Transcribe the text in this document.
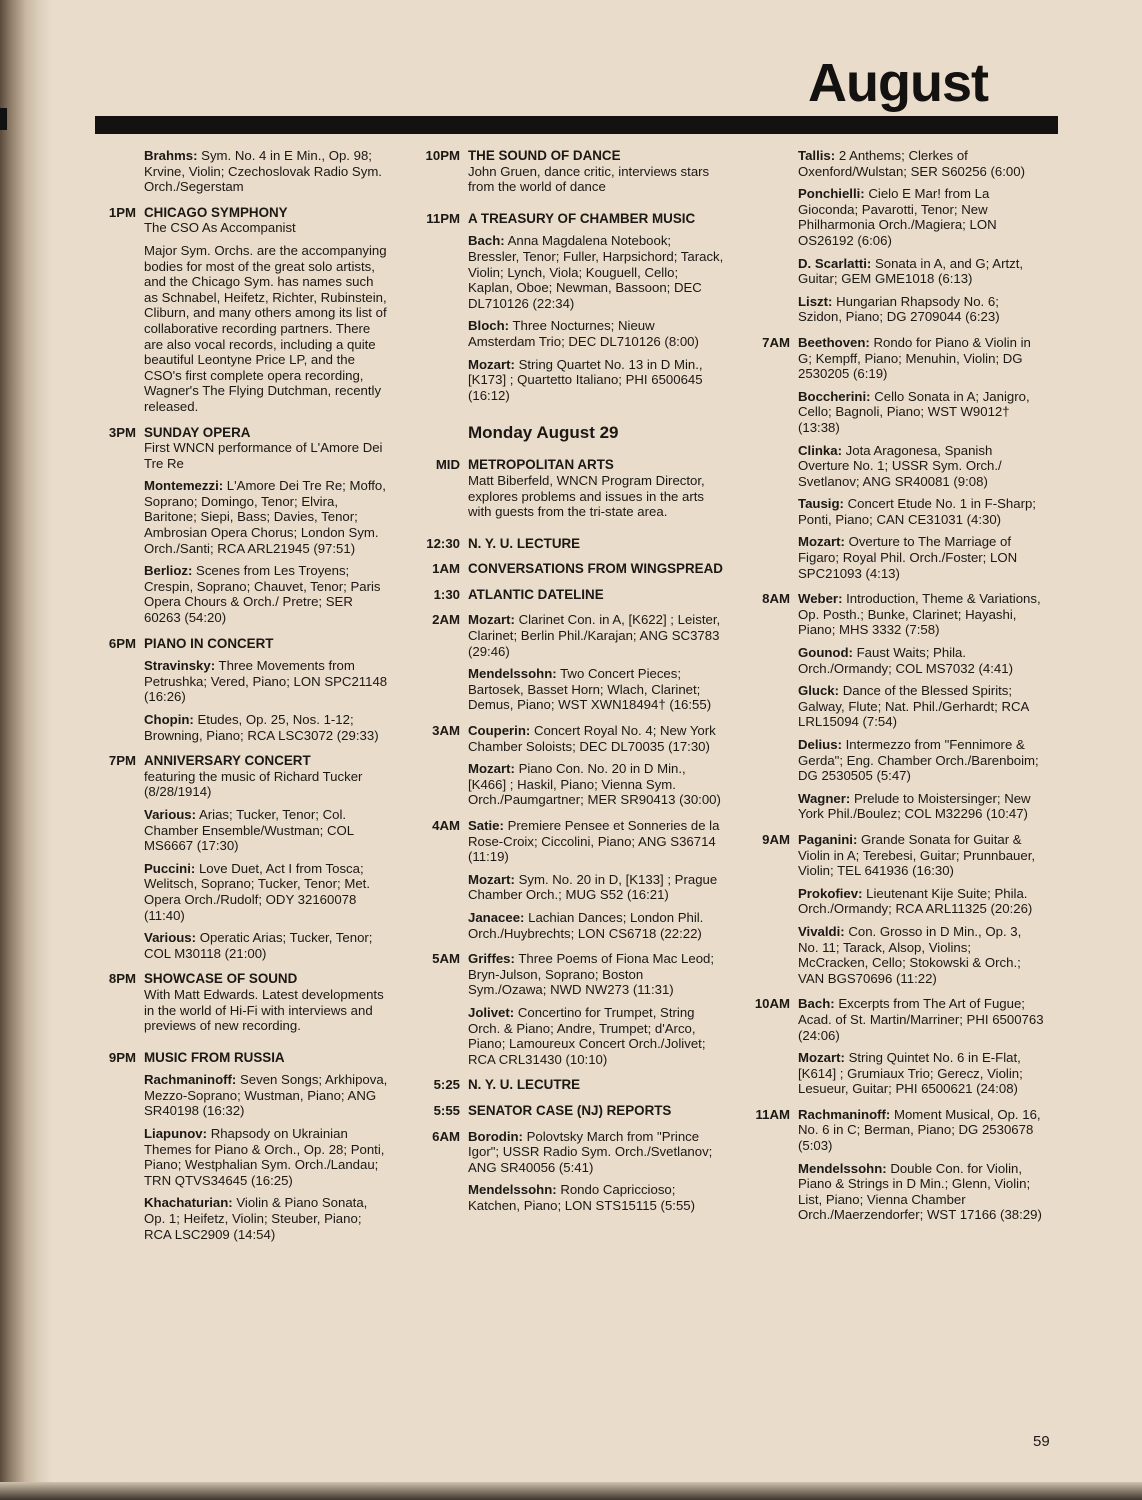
August
Brahms: Sym. No. 4 in E Min., Op. 98; Krvine, Violin; Czechoslovak Radio Sym. Orch./Segerstam
1PM CHICAGO SYMPHONY
The CSO As Accompanist
Major Sym. Orchs. are the accompanying bodies for most of the great solo artists, and the Chicago Sym. has names such as Schnabel, Heifetz, Richter, Rubinstein, Cliburn, and many others among its list of collaborative recording partners. There are also vocal records, including a quite beautiful Leontyne Price LP, and the CSO's first complete opera recording, Wagner's The Flying Dutchman, recently released.
3PM SUNDAY OPERA
First WNCN performance of L'Amore Dei Tre Re
Montemezzi: L'Amore Dei Tre Re; Moffo, Soprano; Domingo, Tenor; Elvira, Baritone; Siepi, Bass; Davies, Tenor; Ambrosian Opera Chorus; London Sym. Orch./Santi; RCA ARL21945 (97:51)
Berlioz: Scenes from Les Troyens; Crespin, Soprano; Chauvet, Tenor; Paris Opera Chours & Orch./ Pretre; SER 60263 (54:20)
6PM PIANO IN CONCERT
Stravinsky: Three Movements from Petrushka; Vered, Piano; LON SPC21148 (16:26)
Chopin: Etudes, Op. 25, Nos. 1-12; Browning, Piano; RCA LSC3072 (29:33)
7PM ANNIVERSARY CONCERT
featuring the music of Richard Tucker (8/28/1914)
Various: Arias; Tucker, Tenor; Col. Chamber Ensemble/Wustman; COL MS6667 (17:30)
Puccini: Love Duet, Act I from Tosca; Welitsch, Soprano; Tucker, Tenor; Met. Opera Orch./Rudolf; ODY 32160078 (11:40)
Various: Operatic Arias; Tucker, Tenor; COL M30118 (21:00)
8PM SHOWCASE OF SOUND
With Matt Edwards. Latest developments in the world of Hi-Fi with interviews and previews of new recording.
9PM MUSIC FROM RUSSIA
Rachmaninoff: Seven Songs; Arkhipova, Mezzo-Soprano; Wustman, Piano; ANG SR40198 (16:32)
Liapunov: Rhapsody on Ukrainian Themes for Piano & Orch., Op. 28; Ponti, Piano; Westphalian Sym. Orch./Landau; TRN QTVS34645 (16:25)
Khachaturian: Violin & Piano Sonata, Op. 1; Heifetz, Violin; Steuber, Piano; RCA LSC2909 (14:54)
10PM THE SOUND OF DANCE
John Gruen, dance critic, interviews stars from the world of dance
11PM A TREASURY OF CHAMBER MUSIC
Bach: Anna Magdalena Notebook; Bressler, Tenor; Fuller, Harpsichord; Tarack, Violin; Lynch, Viola; Kouguell, Cello; Kaplan, Oboe; Newman, Bassoon; DEC DL710126 (22:34)
Bloch: Three Nocturnes; Nieuw Amsterdam Trio; DEC DL710126 (8:00)
Mozart: String Quartet No. 13 in D Min., [K173] ; Quartetto Italiano; PHI 6500645 (16:12)
Monday August 29
MID METROPOLITAN ARTS
Matt Biberfeld, WNCN Program Director, explores problems and issues in the arts with guests from the tri-state area.
12:30 N. Y. U. LECTURE
1AM CONVERSATIONS FROM WINGSPREAD
1:30 ATLANTIC DATELINE
2AM Mozart: Clarinet Con. in A, [K622] ; Leister, Clarinet; Berlin Phil./Karajan; ANG SC3783 (29:46)
Mendelssohn: Two Concert Pieces; Bartosek, Basset Horn; Wlach, Clarinet; Demus, Piano; WST XWN18494† (16:55)
3AM Couperin: Concert Royal No. 4; New York Chamber Soloists; DEC DL70035 (17:30)
Mozart: Piano Con. No. 20 in D Min., [K466] ; Haskil, Piano; Vienna Sym. Orch./Paumgartner; MER SR90413 (30:00)
4AM Satie: Premiere Pensee et Sonneries de la Rose-Croix; Ciccolini, Piano; ANG S36714 (11:19)
Mozart: Sym. No. 20 in D, [K133] ; Prague Chamber Orch.; MUG S52 (16:21)
Janacee: Lachian Dances; London Phil. Orch./Huybrechts; LON CS6718 (22:22)
5AM Griffes: Three Poems of Fiona Mac Leod; Bryn-Julson, Soprano; Boston Sym./Ozawa; NWD NW273 (11:31)
Jolivet: Concertino for Trumpet, String Orch. & Piano; Andre, Trumpet; d'Arco, Piano; Lamoureux Concert Orch./Jolivet; RCA CRL31430 (10:10)
5:25 N. Y. U. LECUTRE
5:55 SENATOR CASE (NJ) REPORTS
6AM Borodin: Polovtsky March from "Prince Igor"; USSR Radio Sym. Orch./Svetlanov; ANG SR40056 (5:41)
Mendelssohn: Rondo Capriccioso; Katchen, Piano; LON STS15115 (5:55)
Tallis: 2 Anthems; Clerkes of Oxenford/Wulstan; SER S60256 (6:00)
Ponchielli: Cielo E Mar! from La Gioconda; Pavarotti, Tenor; New Philharmonia Orch./Magiera; LON OS26192 (6:06)
D. Scarlatti: Sonata in A, and G; Artzt, Guitar; GEM GME1018 (6:13)
Liszt: Hungarian Rhapsody No. 6; Szidon, Piano; DG 2709044 (6:23)
7AM Beethoven: Rondo for Piano & Violin in G; Kempff, Piano; Menuhin, Violin; DG 2530205 (6:19)
Boccherini: Cello Sonata in A; Janigro, Cello; Bagnoli, Piano; WST W9012† (13:38)
Clinka: Jota Aragonesa, Spanish Overture No. 1; USSR Sym. Orch./ Svetlanov; ANG SR40081 (9:08)
Tausig: Concert Etude No. 1 in F-Sharp; Ponti, Piano; CAN CE31031 (4:30)
Mozart: Overture to The Marriage of Figaro; Royal Phil. Orch./Foster; LON SPC21093 (4:13)
8AM Weber: Introduction, Theme & Variations, Op. Posth.; Bunke, Clarinet; Hayashi, Piano; MHS 3332 (7:58)
Gounod: Faust Waits; Phila. Orch./Ormandy; COL MS7032 (4:41)
Gluck: Dance of the Blessed Spirits; Galway, Flute; Nat. Phil./Gerhardt; RCA LRL15094 (7:54)
Delius: Intermezzo from "Fennimore & Gerda"; Eng. Chamber Orch./Barenboim; DG 2530505 (5:47)
Wagner: Prelude to Moistersinger; New York Phil./Boulez; COL M32296 (10:47)
9AM Paganini: Grande Sonata for Guitar & Violin in A; Terebesi, Guitar; Prunnbauer, Violin; TEL 641936 (16:30)
Prokofiev: Lieutenant Kije Suite; Phila. Orch./Ormandy; RCA ARL11325 (20:26)
Vivaldi: Con. Grosso in D Min., Op. 3, No. 11; Tarack, Alsop, Violins; McCracken, Cello; Stokowski & Orch.; VAN BGS70696 (11:22)
10AM Bach: Excerpts from The Art of Fugue; Acad. of St. Martin/Marriner; PHI 6500763 (24:06)
Mozart: String Quintet No. 6 in E-Flat, [K614] ; Grumiaux Trio; Gerecz, Violin; Lesueur, Guitar; PHI 6500621 (24:08)
11AM Rachmaninoff: Moment Musical, Op. 16, No. 6 in C; Berman, Piano; DG 2530678 (5:03)
Mendelssohn: Double Con. for Violin, Piano & Strings in D Min.; Glenn, Violin; List, Piano; Vienna Chamber Orch./Maerzendorfer; WST 17166 (38:29)
59
